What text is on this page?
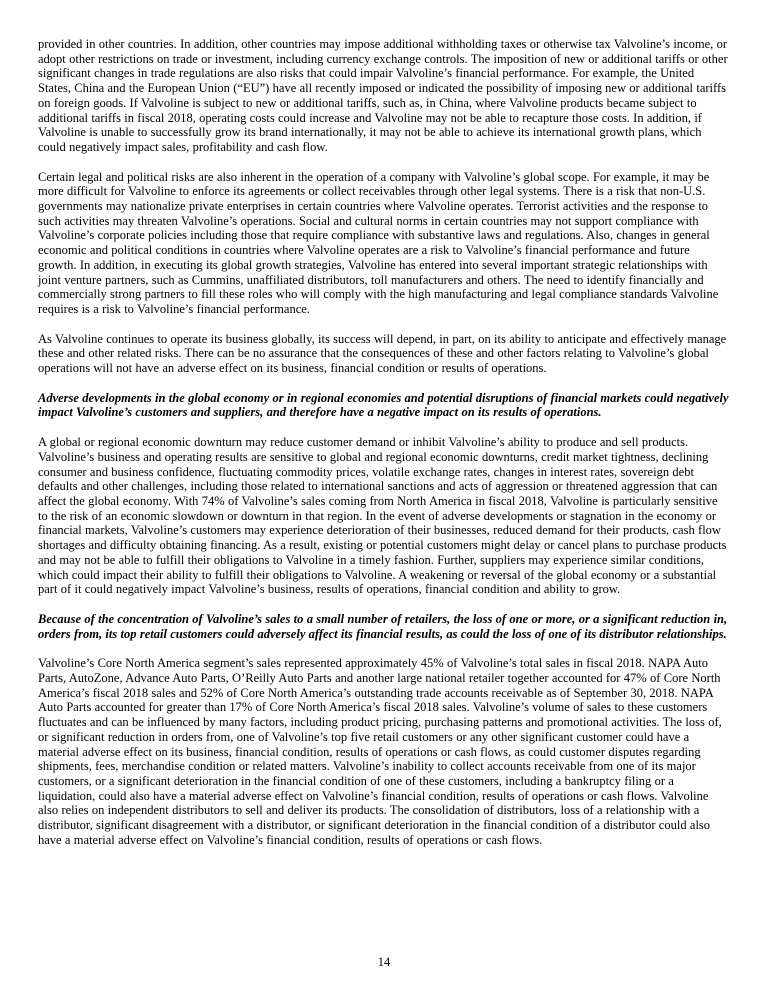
provided in other countries. In addition, other countries may impose additional withholding taxes or otherwise tax Valvoline’s income, or adopt other restrictions on trade or investment, including currency exchange controls. The imposition of new or additional tariffs or other significant changes in trade regulations are also risks that could impair Valvoline’s financial performance. For example, the United States, China and the European Union (“EU”) have all recently imposed or indicated the possibility of imposing new or additional tariffs on foreign goods. If Valvoline is subject to new or additional tariffs, such as, in China, where Valvoline products became subject to additional tariffs in fiscal 2018, operating costs could increase and Valvoline may not be able to recapture those costs. In addition, if Valvoline is unable to successfully grow its brand internationally, it may not be able to achieve its international growth plans, which could negatively impact sales, profitability and cash flow.

Certain legal and political risks are also inherent in the operation of a company with Valvoline’s global scope. For example, it may be more difficult for Valvoline to enforce its agreements or collect receivables through other legal systems. There is a risk that non-U.S. governments may nationalize private enterprises in certain countries where Valvoline operates. Terrorist activities and the response to such activities may threaten Valvoline’s operations. Social and cultural norms in certain countries may not support compliance with Valvoline’s corporate policies including those that require compliance with substantive laws and regulations. Also, changes in general economic and political conditions in countries where Valvoline operates are a risk to Valvoline’s financial performance and future growth. In addition, in executing its global growth strategies, Valvoline has entered into several important strategic relationships with joint venture partners, such as Cummins, unaffiliated distributors, toll manufacturers and others. The need to identify financially and commercially strong partners to fill these roles who will comply with the high manufacturing and legal compliance standards Valvoline requires is a risk to Valvoline’s financial performance.

As Valvoline continues to operate its business globally, its success will depend, in part, on its ability to anticipate and effectively manage these and other related risks. There can be no assurance that the consequences of these and other factors relating to Valvoline’s global operations will not have an adverse effect on its business, financial condition or results of operations.

Adverse developments in the global economy or in regional economies and potential disruptions of financial markets could negatively impact Valvoline’s customers and suppliers, and therefore have a negative impact on its results of operations.

A global or regional economic downturn may reduce customer demand or inhibit Valvoline’s ability to produce and sell products. Valvoline’s business and operating results are sensitive to global and regional economic downturns, credit market tightness, declining consumer and business confidence, fluctuating commodity prices, volatile exchange rates, changes in interest rates, sovereign debt defaults and other challenges, including those related to international sanctions and acts of aggression or threatened aggression that can affect the global economy. With 74% of Valvoline’s sales coming from North America in fiscal 2018, Valvoline is particularly sensitive to the risk of an economic slowdown or downturn in that region. In the event of adverse developments or stagnation in the economy or financial markets, Valvoline’s customers may experience deterioration of their businesses, reduced demand for their products, cash flow shortages and difficulty obtaining financing. As a result, existing or potential customers might delay or cancel plans to purchase products and may not be able to fulfill their obligations to Valvoline in a timely fashion. Further, suppliers may experience similar conditions, which could impact their ability to fulfill their obligations to Valvoline. A weakening or reversal of the global economy or a substantial part of it could negatively impact Valvoline’s business, results of operations, financial condition and ability to grow.

Because of the concentration of Valvoline’s sales to a small number of retailers, the loss of one or more, or a significant reduction in, orders from, its top retail customers could adversely affect its financial results, as could the loss of one of its distributor relationships.

Valvoline’s Core North America segment’s sales represented approximately 45% of Valvoline’s total sales in fiscal 2018. NAPA Auto Parts, AutoZone, Advance Auto Parts, O’Reilly Auto Parts and another large national retailer together accounted for 47% of Core North America’s fiscal 2018 sales and 52% of Core North America’s outstanding trade accounts receivable as of September 30, 2018. NAPA Auto Parts accounted for greater than 17% of Core North America’s fiscal 2018 sales. Valvoline’s volume of sales to these customers fluctuates and can be influenced by many factors, including product pricing, purchasing patterns and promotional activities. The loss of, or significant reduction in orders from, one of Valvoline’s top five retail customers or any other significant customer could have a material adverse effect on its business, financial condition, results of operations or cash flows, as could customer disputes regarding shipments, fees, merchandise condition or related matters. Valvoline’s inability to collect accounts receivable from one of its major customers, or a significant deterioration in the financial condition of one of these customers, including a bankruptcy filing or a liquidation, could also have a material adverse effect on Valvoline’s financial condition, results of operations or cash flows. Valvoline also relies on independent distributors to sell and deliver its products. The consolidation of distributors, loss of a relationship with a distributor, significant disagreement with a distributor, or significant deterioration in the financial condition of a distributor could also have a material adverse effect on Valvoline’s financial condition, results of operations or cash flows.

14
